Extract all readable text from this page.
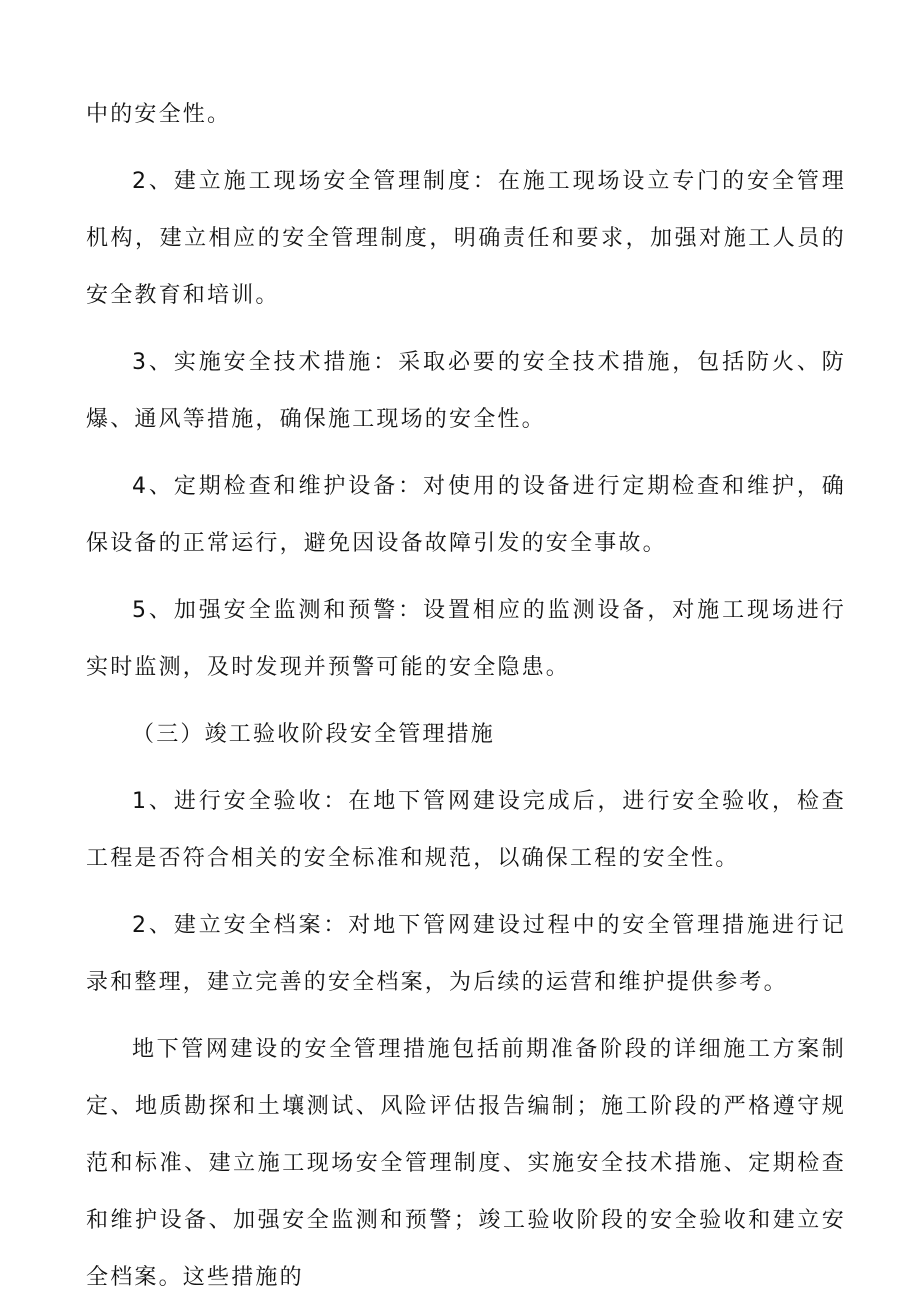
中的安全性。

2、建立施工现场安全管理制度：在施工现场设立专门的安全管理机构，建立相应的安全管理制度，明确责任和要求，加强对施工人员的安全教育和培训。

3、实施安全技术措施：采取必要的安全技术措施，包括防火、防爆、通风等措施，确保施工现场的安全性。

4、定期检查和维护设备：对使用的设备进行定期检查和维护，确保设备的正常运行，避免因设备故障引发的安全事故。

5、加强安全监测和预警：设置相应的监测设备，对施工现场进行实时监测，及时发现并预警可能的安全隐患。

（三）竣工验收阶段安全管理措施

1、进行安全验收：在地下管网建设完成后，进行安全验收，检查工程是否符合相关的安全标准和规范，以确保工程的安全性。

2、建立安全档案：对地下管网建设过程中的安全管理措施进行记录和整理，建立完善的安全档案，为后续的运营和维护提供参考。

地下管网建设的安全管理措施包括前期准备阶段的详细施工方案制定、地质勘探和土壤测试、风险评估报告编制；施工阶段的严格遵守规范和标准、建立施工现场安全管理制度、实施安全技术措施、定期检查和维护设备、加强安全监测和预警；竣工验收阶段的安全验收和建立安全档案。这些措施的
